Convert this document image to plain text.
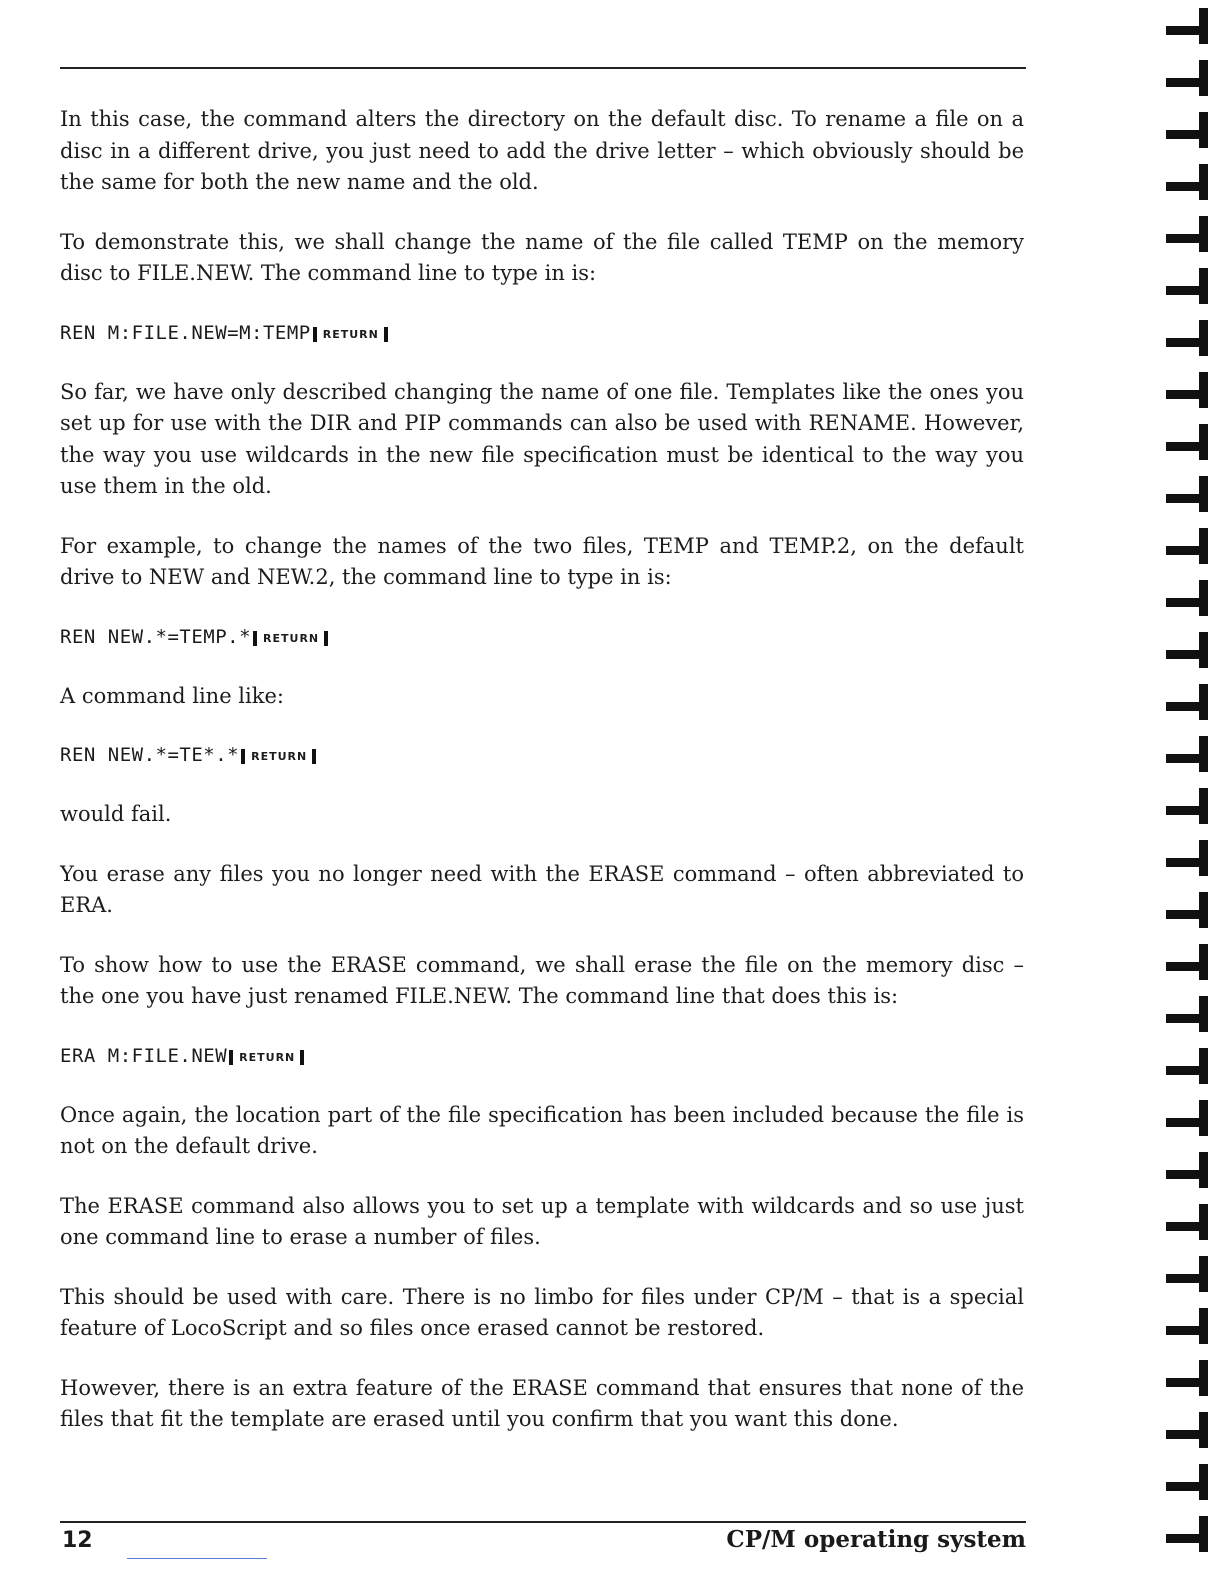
In this case, the command alters the directory on the default disc. To rename a file on a disc in a different drive, you just need to add the drive letter – which obviously should be the same for both the new name and the old.

To demonstrate this, we shall change the name of the file called TEMP on the memory disc to FILE.NEW. The command line to type in is:

REN M:FILE.NEW=M:TEMP RETURN

So far, we have only described changing the name of one file. Templates like the ones you set up for use with the DIR and PIP commands can also be used with RENAME. However, the way you use wildcards in the new file specification must be identical to the way you use them in the old.

For example, to change the names of the two files, TEMP and TEMP.2, on the default drive to NEW and NEW.2, the command line to type in is:

REN NEW.*=TEMP.* RETURN

A command line like:

REN NEW.*=TE*.* RETURN

would fail.

You erase any files you no longer need with the ERASE command – often abbreviated to ERA.

To show how to use the ERASE command, we shall erase the file on the memory disc – the one you have just renamed FILE.NEW. The command line that does this is:

ERA M:FILE.NEW RETURN

Once again, the location part of the file specification has been included because the file is not on the default drive.

The ERASE command also allows you to set up a template with wildcards and so use just one command line to erase a number of files.

This should be used with care. There is no limbo for files under CP/M – that is a special feature of LocoScript and so files once erased cannot be restored.

However, there is an extra feature of the ERASE command that ensures that none of the files that fit the template are erased until you confirm that you want this done.

12	CP/M operating system
